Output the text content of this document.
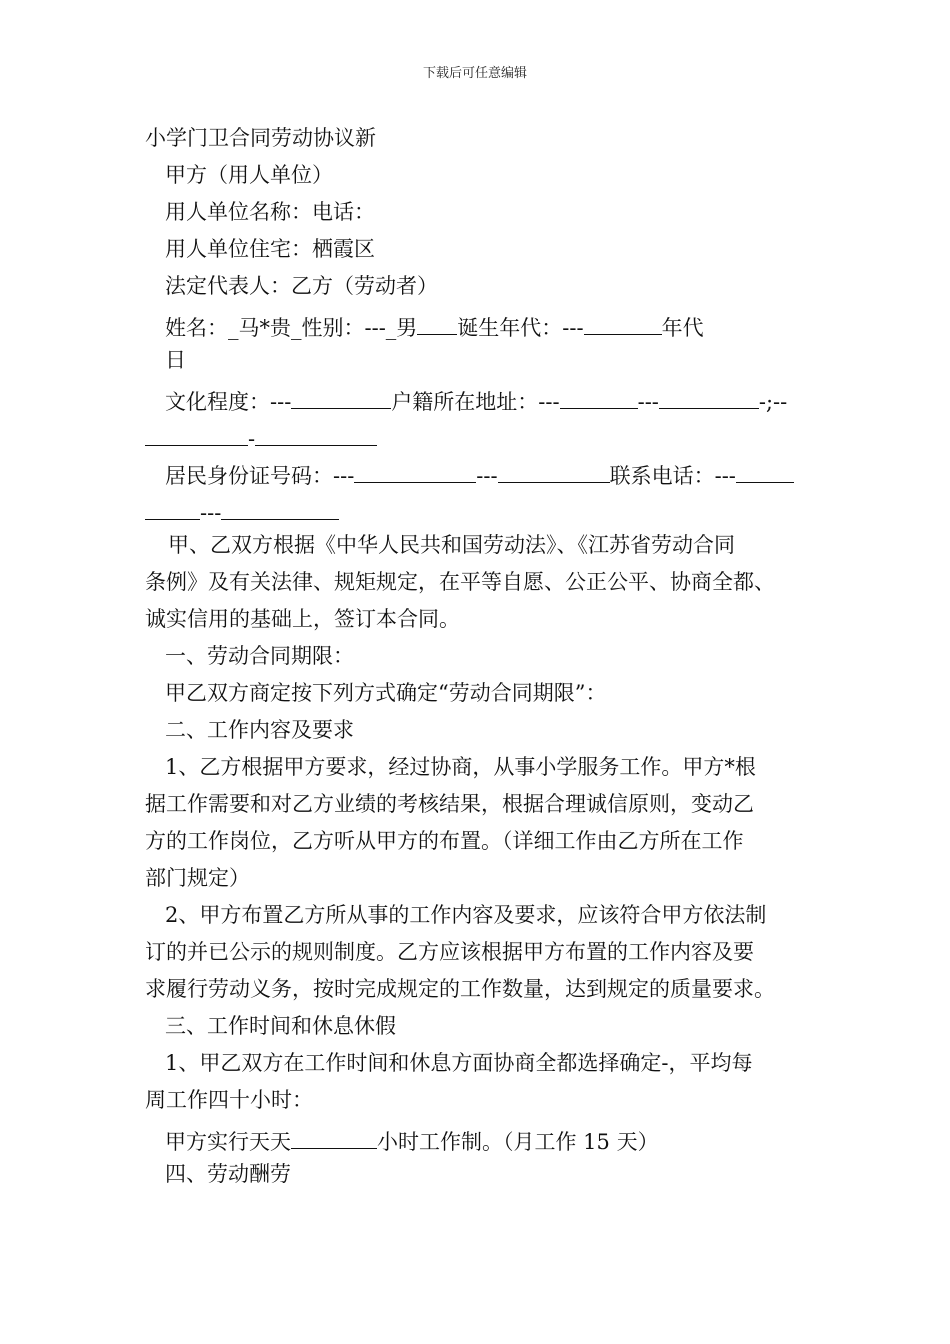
下载后可任意编辑
小学门卫合同劳动协议新
甲方（用人单位）
用人单位名称：电话：
用人单位住宅：栖霞区
法定代表人：乙方（劳动者）
姓名：_马*贵_性别：---_男 诞生年代：---	年代
日
文化程度：---	户籍所在地址：---	---	-;--
-
居民身份证号码：---	---	联系电话：---
---
甲、乙双方根据《中华人民共和国劳动法》、《江苏省劳动合同
条例》及有关法律、规矩规定，在平等自愿、公正公平、协商全都、
诚实信用的基础上，签订本合同。
一、劳动合同期限：
甲乙双方商定按下列方式确定“劳动合同期限”：
二、工作内容及要求
1、乙方根据甲方要求，经过协商，从事小学服务工作。甲方*根
据工作需要和对乙方业绩的考核结果，根据合理诚信原则，变动乙
方的工作岗位，乙方听从甲方的布置。（详细工作由乙方所在工作
部门规定）
2、甲方布置乙方所从事的工作内容及要求，应该符合甲方依法制
订的并已公示的规则制度。乙方应该根据甲方布置的工作内容及要
求履行劳动义务，按时完成规定的工作数量，达到规定的质量要求。
三、工作时间和休息休假
1、甲乙双方在工作时间和休息方面协商全都选择确定-，平均每
周工作四十小时：
甲方实行天天	小时工作制。（月工作 15 天）
四、劳动酬劳
